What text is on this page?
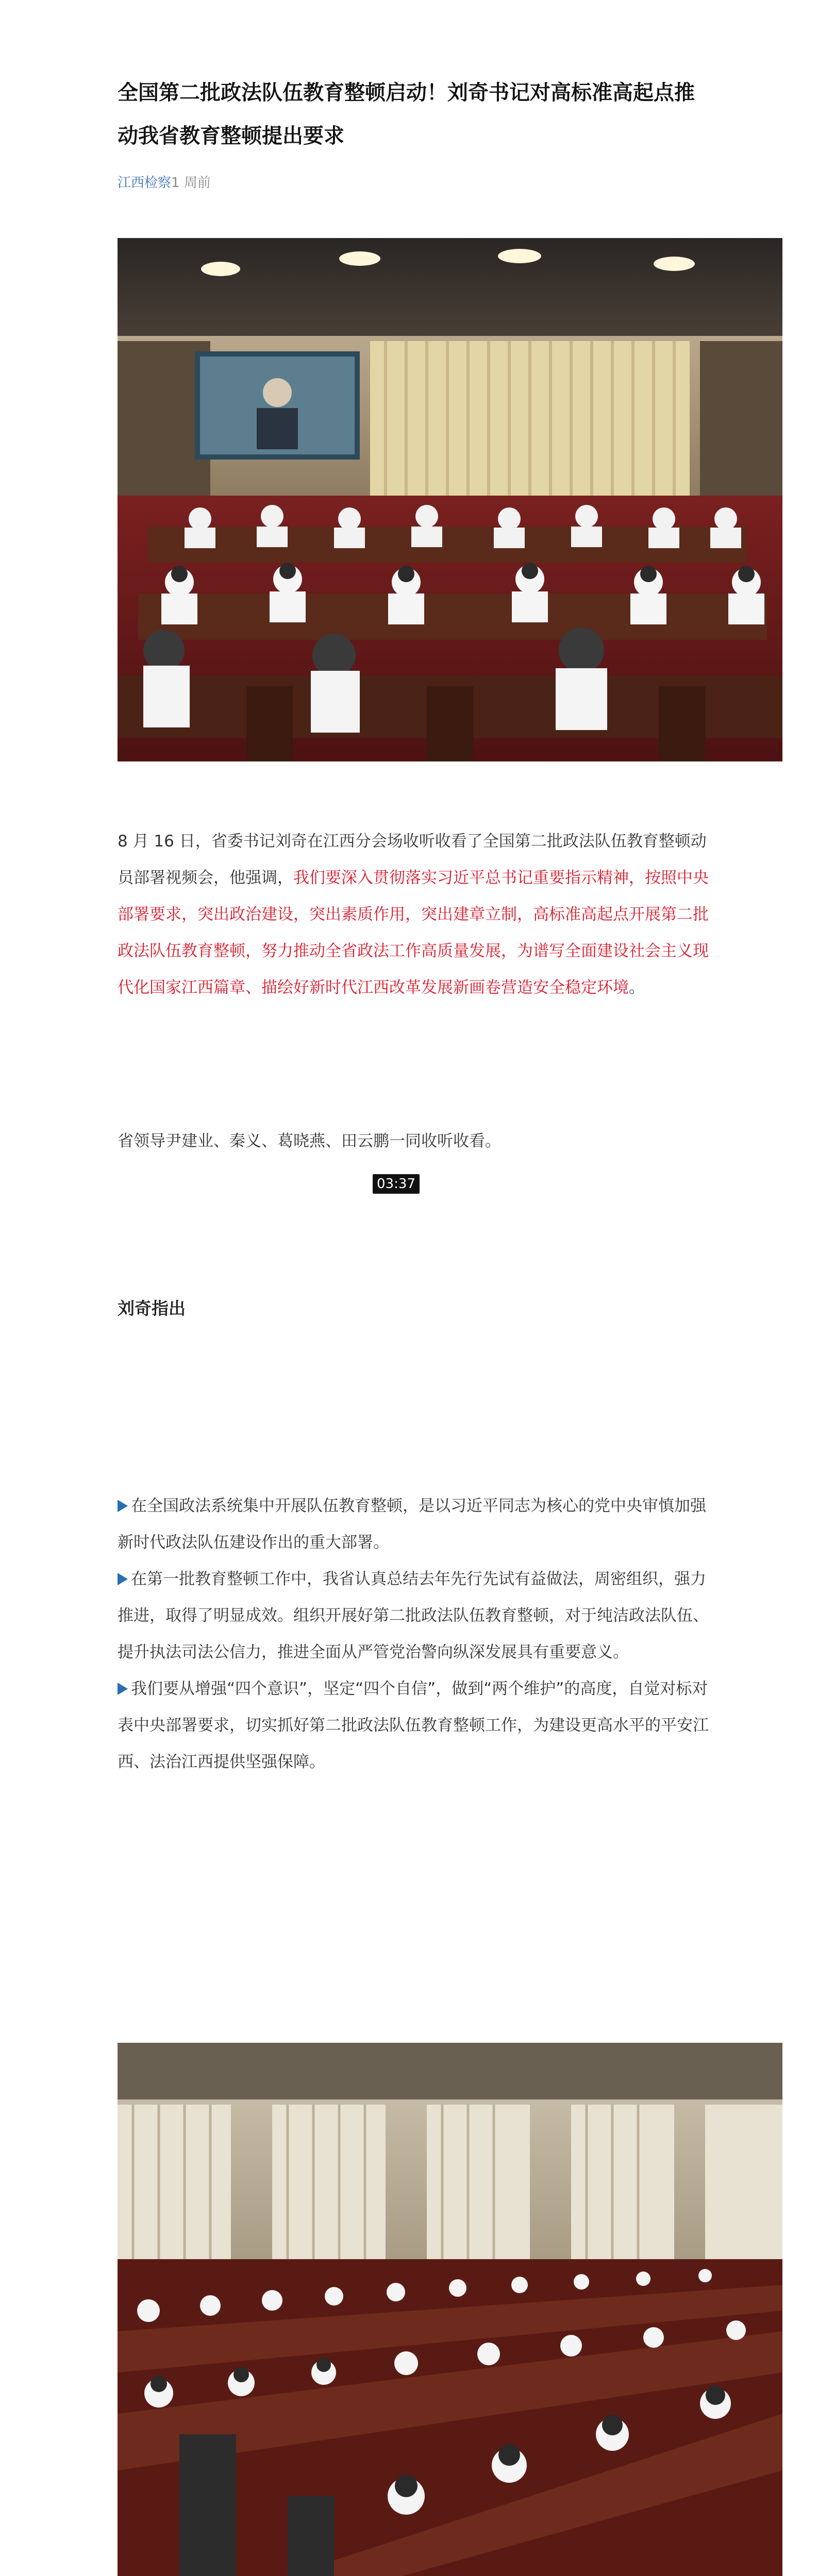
全国第二批政法队伍教育整顿启动！刘奇书记对高标准高起点推动我省教育整顿提出要求
江西检察1 周前

8 月 16 日，省委书记刘奇在江西分会场收听收看了全国第二批政法队伍教育整顿动员部署视频会，他强调，我们要深入贯彻落实习近平总书记重要指示精神，按照中央部署要求，突出政治建设，突出素质作用，突出建章立制，高标准高起点开展第二批政法队伍教育整顿，努力推动全省政法工作高质量发展，为谱写全面建设社会主义现代化国家江西篇章、描绘好新时代江西改革发展新画卷营造安全稳定环境。

省领导尹建业、秦义、葛晓燕、田云鹏一同收听收看。

03:37
刘奇指出
在全国政法系统集中开展队伍教育整顿，是以习近平同志为核心的党中央审慎加强新时代政法队伍建设作出的重大部署。
在第一批教育整顿工作中，我省认真总结去年先行先试有益做法，周密组织，强力推进，取得了明显成效。组织开展好第二批政法队伍教育整顿，对于纯洁政法队伍、提升执法司法公信力，推进全面从严管党治警向纵深发展具有重要意义。
我们要从增强“四个意识”，坚定“四个自信”，做到“两个维护”的高度，自觉对标对表中央部署要求，切实抓好第二批政法队伍教育整顿工作，为建设更高水平的平安江西、法治江西提供坚强保障。
